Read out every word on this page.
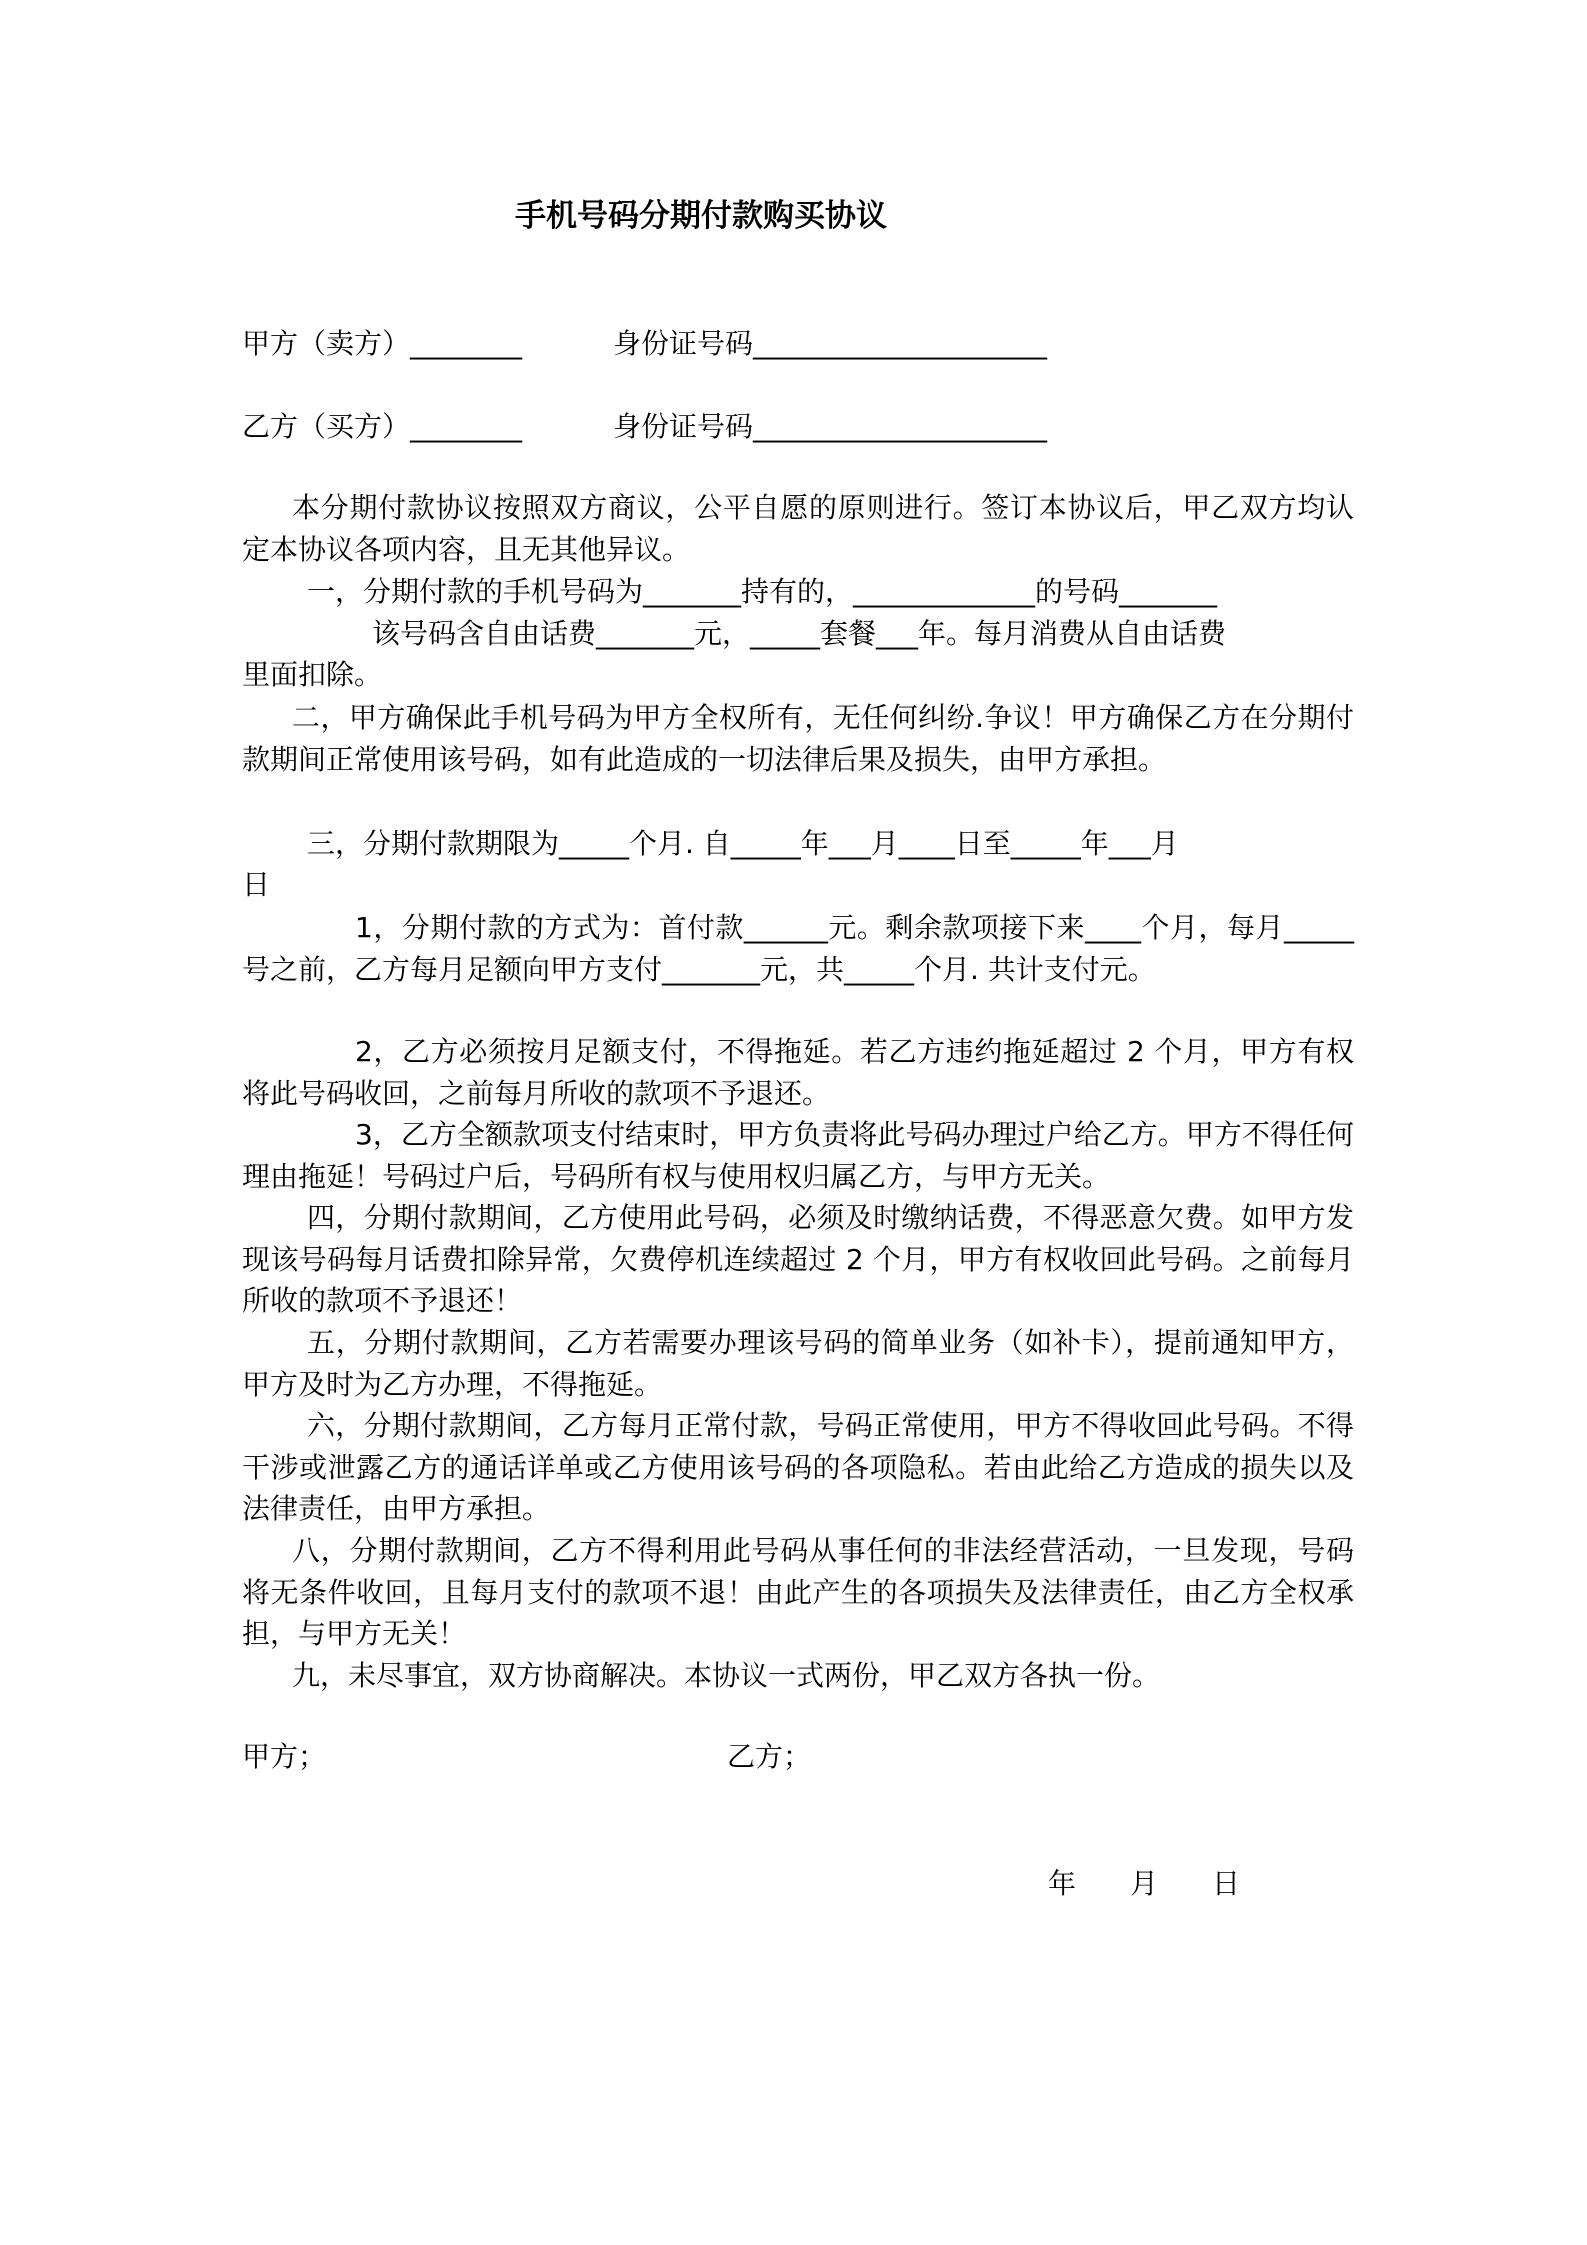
手机号码分期付款购买协议
甲方（卖方）________	身份证号码_____________________
乙方（买方）________	身份证号码_____________________
本分期付款协议按照双方商议，公平自愿的原则进行。签订本协议后，甲乙双方均认定本协议各项内容，且无其他异议。
一，分期付款的手机号码为_______持有的，_____________的号码_______
该号码含自由话费_______元，_____套餐___年。每月消费从自由话费
里面扣除。
二，甲方确保此手机号码为甲方全权所有，无任何纠纷.争议！甲方确保乙方在分期付款期间正常使用该号码，如有此造成的一切法律后果及损失，由甲方承担。
三，分期付款期限为_____个月. 自_____年___月____日至_____年___月
日
1，分期付款的方式为：首付款______元。剩余款项接下来____个月，每月_____号之前，乙方每月足额向甲方支付_______元，共_____个月. 共计支付元。
2，乙方必须按月足额支付，不得拖延。若乙方违约拖延超过 2 个月，甲方有权将此号码收回，之前每月所收的款项不予退还。
3，乙方全额款项支付结束时，甲方负责将此号码办理过户给乙方。甲方不得任何理由拖延！号码过户后，号码所有权与使用权归属乙方，与甲方无关。
四，分期付款期间，乙方使用此号码，必须及时缴纳话费，不得恶意欠费。如甲方发现该号码每月话费扣除异常，欠费停机连续超过 2 个月，甲方有权收回此号码。之前每月所收的款项不予退还！
五，分期付款期间，乙方若需要办理该号码的简单业务（如补卡），提前通知甲方，甲方及时为乙方办理，不得拖延。
六，分期付款期间，乙方每月正常付款，号码正常使用，甲方不得收回此号码。不得干涉或泄露乙方的通话详单或乙方使用该号码的各项隐私。若由此给乙方造成的损失以及法律责任，由甲方承担。
八，分期付款期间，乙方不得利用此号码从事任何的非法经营活动，一旦发现，号码将无条件收回，且每月支付的款项不退！由此产生的各项损失及法律责任，由乙方全权承担，与甲方无关！
九，未尽事宜，双方协商解决。本协议一式两份，甲乙双方各执一份。
甲方；	乙方；
年 月 日
